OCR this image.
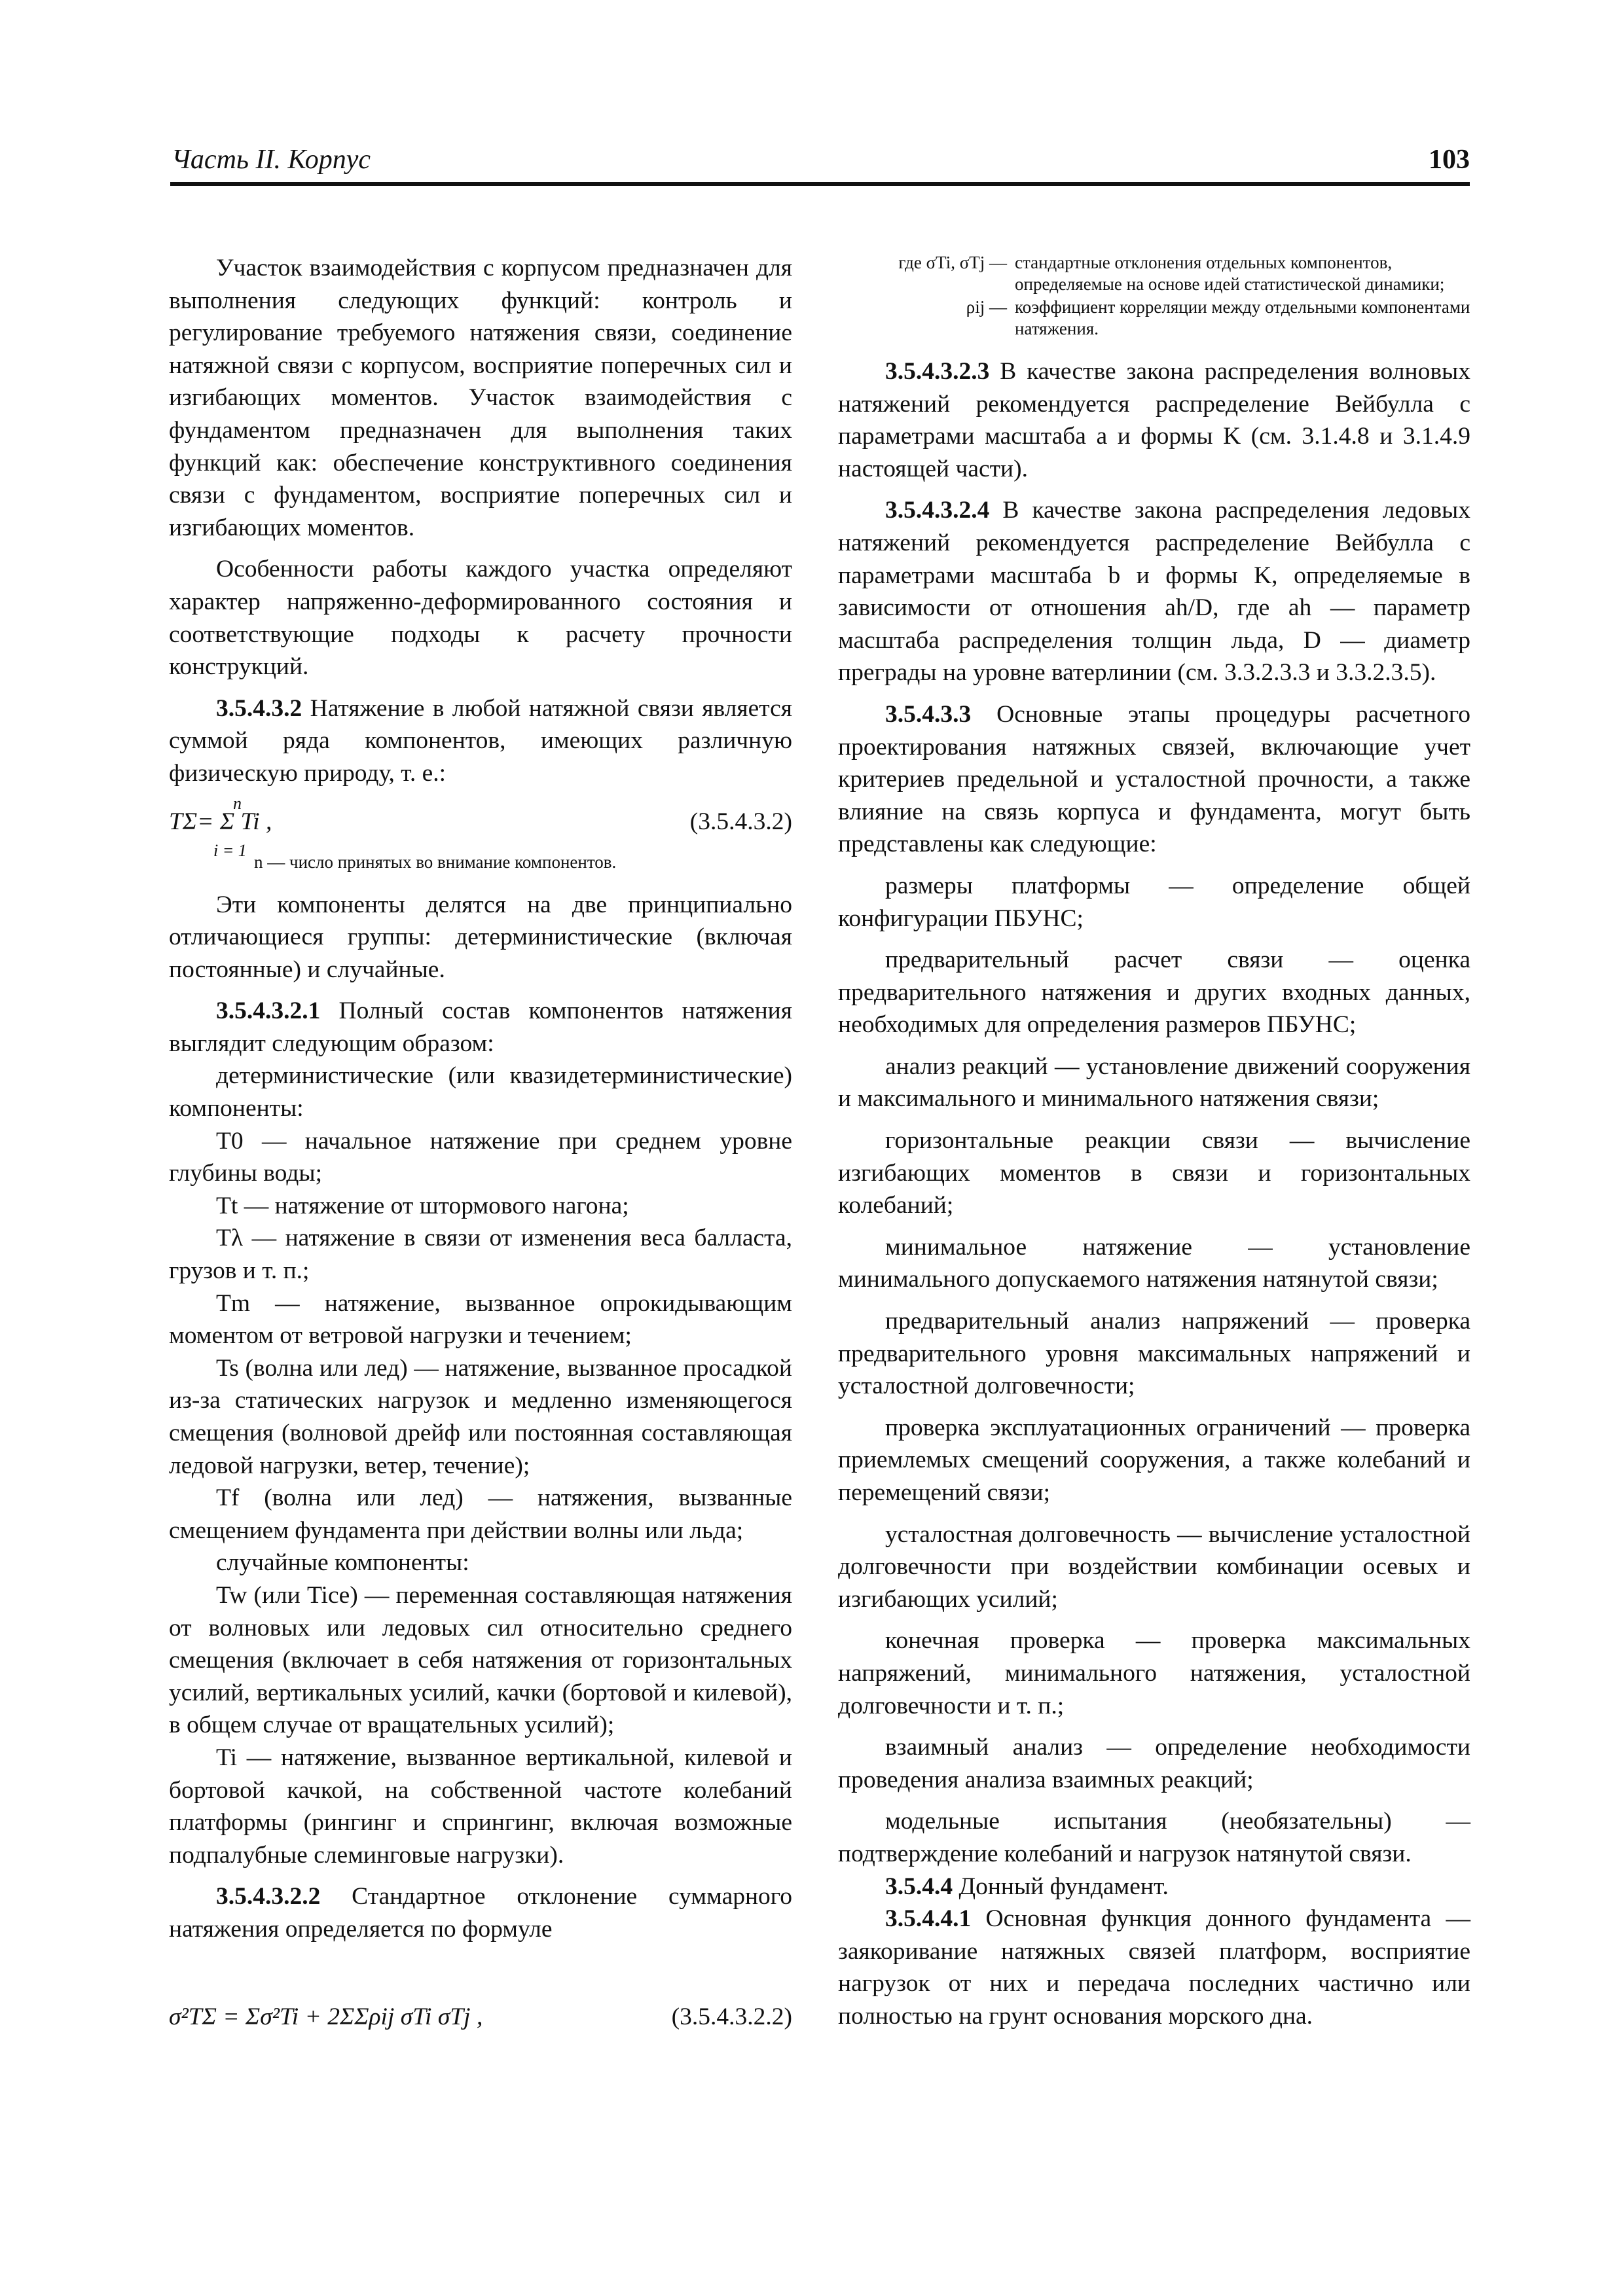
Часть II. Корпус	103

Участок взаимодействия с корпусом предназначен для выполнения следующих функций: контроль и регулирование требуемого натяжения связи, соединение натяжной связи с корпусом, восприятие поперечных сил и изгибающих моментов. Участок взаимодействия с фундаментом предназначен для выполнения таких функций как: обеспечение конструктивного соединения связи с фундаментом, восприятие поперечных сил и изгибающих моментов.

Особенности работы каждого участка определяют характер напряженно-деформированного состояния и соответствующие подходы к расчету прочности конструкций.

3.5.4.3.2 Натяжение в любой натяжной связи является суммой ряда компонентов, имеющих различную физическую природу, т. е.:

n
TΣ= Σ Ti ,
i = 1
(3.5.4.3.2)

n — число принятых во внимание компонентов.

Эти компоненты делятся на две принципиально отличающиеся группы: детерминистические (включая постоянные) и случайные.

3.5.4.3.2.1 Полный состав компонентов натяжения выглядит следующим образом:

детерминистические (или квазидетерминистические) компоненты:

T0 — начальное натяжение при среднем уровне глубины воды;

Tt — натяжение от штормового нагона;

Tλ — натяжение в связи от изменения веса балласта, грузов и т. п.;

Tm — натяжение, вызванное опрокидывающим моментом от ветровой нагрузки и течением;

Ts (волна или лед) — натяжение, вызванное просадкой из-за статических нагрузок и медленно изменяющегося смещения (волновой дрейф или постоянная составляющая ледовой нагрузки, ветер, течение);

Tf (волна или лед) — натяжения, вызванные смещением фундамента при действии волны или льда;

случайные компоненты:

Tw (или Tice) — переменная составляющая натяжения от волновых или ледовых сил относительно среднего смещения (включает в себя натяжения от горизонтальных усилий, вертикальных усилий, качки (бортовой и килевой), в общем случае от вращательных усилий);

Ti — натяжение, вызванное вертикальной, килевой и бортовой качкой, на собственной частоте колебаний платформы (рингинг и спрингинг, включая возможные подпалубные слеминговые нагрузки).

3.5.4.3.2.2 Стандартное отклонение суммарного натяжения определяется по формуле

σ²TΣ = Σσ²Ti + 2ΣΣρij σTi σTj ,	(3.5.4.3.2.2)
где σTi, σTj — стандартные отклонения отдельных компонентов, определяемые на основе идей статистической динамики;
ρij — коэффициент корреляции между отдельными компонентами натяжения.

3.5.4.3.2.3 В качестве закона распределения волновых натяжений рекомендуется распределение Вейбулла с параметрами масштаба a и формы K (см. 3.1.4.8 и 3.1.4.9 настоящей части).

3.5.4.3.2.4 В качестве закона распределения ледовых натяжений рекомендуется распределение Вейбулла с параметрами масштаба b и формы K, определяемые в зависимости от отношения ah/D, где ah — параметр масштаба распределения толщин льда, D — диаметр преграды на уровне ватерлинии (см. 3.3.2.3.3 и 3.3.2.3.5).

3.5.4.3.3 Основные этапы процедуры расчетного проектирования натяжных связей, включающие учет критериев предельной и усталостной прочности, а также влияние на связь корпуса и фундамента, могут быть представлены как следующие:

размеры платформы — определение общей конфигурации ПБУНС;

предварительный расчет связи — оценка предварительного натяжения и других входных данных, необходимых для определения размеров ПБУНС;

анализ реакций — установление движений сооружения и максимального и минимального натяжения связи;

горизонтальные реакции связи — вычисление изгибающих моментов в связи и горизонтальных колебаний;

минимальное натяжение — установление минимального допускаемого натяжения натянутой связи;

предварительный анализ напряжений — проверка предварительного уровня максимальных напряжений и усталостной долговечности;

проверка эксплуатационных ограничений — проверка приемлемых смещений сооружения, а также колебаний и перемещений связи;

усталостная долговечность — вычисление усталостной долговечности при воздействии комбинации осевых и изгибающих усилий;

конечная проверка — проверка максимальных напряжений, минимального натяжения, усталостной долговечности и т. п.;

взаимный анализ — определение необходимости проведения анализа взаимных реакций;

модельные испытания (необязательны) — подтверждение колебаний и нагрузок натянутой связи.

3.5.4.4 Донный фундамент.

3.5.4.4.1 Основная функция донного фундамента — заякоривание натяжных связей платформ, восприятие нагрузок от них и передача последних частично или полностью на грунт основания морского дна.
